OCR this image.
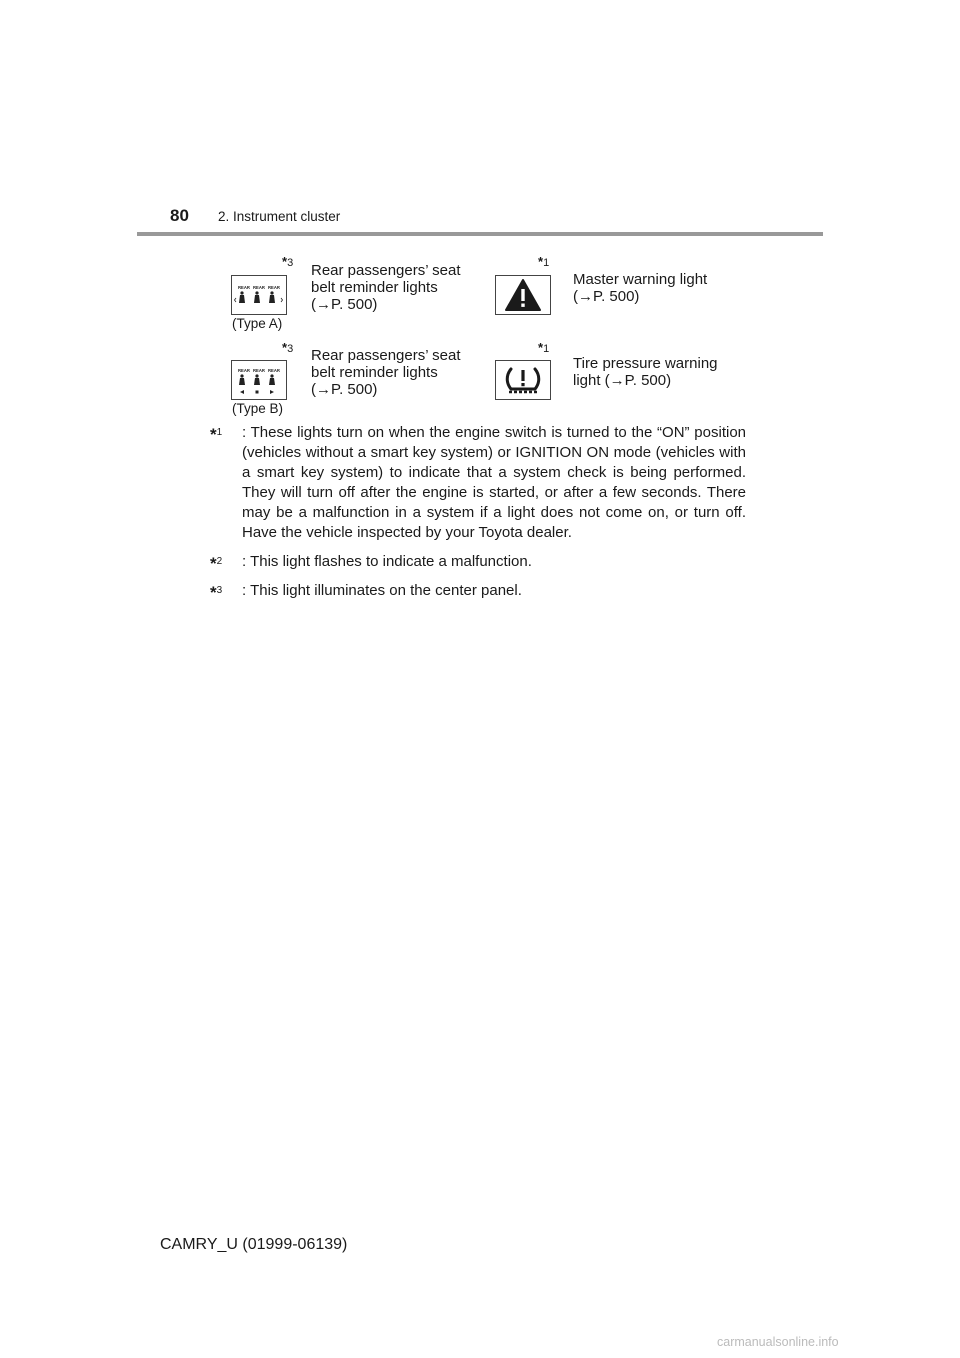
80 2. Instrument cluster
*3
REAR REAR REAR
(Type A)
Rear passengers’ seat
belt reminder lights
(→P. 500)
*1
Master warning light
(→P. 500)
*3
REAR REAR REAR
(Type B)
Rear passengers’ seat
belt reminder lights
(→P. 500)
*1
Tire pressure warning
light (→P. 500)
*$^1$	: These lights turn on when the engine switch is turned to the “ON” position (vehicles without a smart key system) or IGNITION ON mode (vehicles with a smart key system) to indicate that a system check is being performed. They will turn off after the engine is started, or after a few seconds. There may be a malfunction in a system if a light does not come on, or turn off. Have the vehicle inspected by your Toyota dealer.
*$^2$	: This light flashes to indicate a malfunction.
*$^3$	: This light illuminates on the center panel.
CAMRY_U (01999-06139)
carmanualsonline.info
